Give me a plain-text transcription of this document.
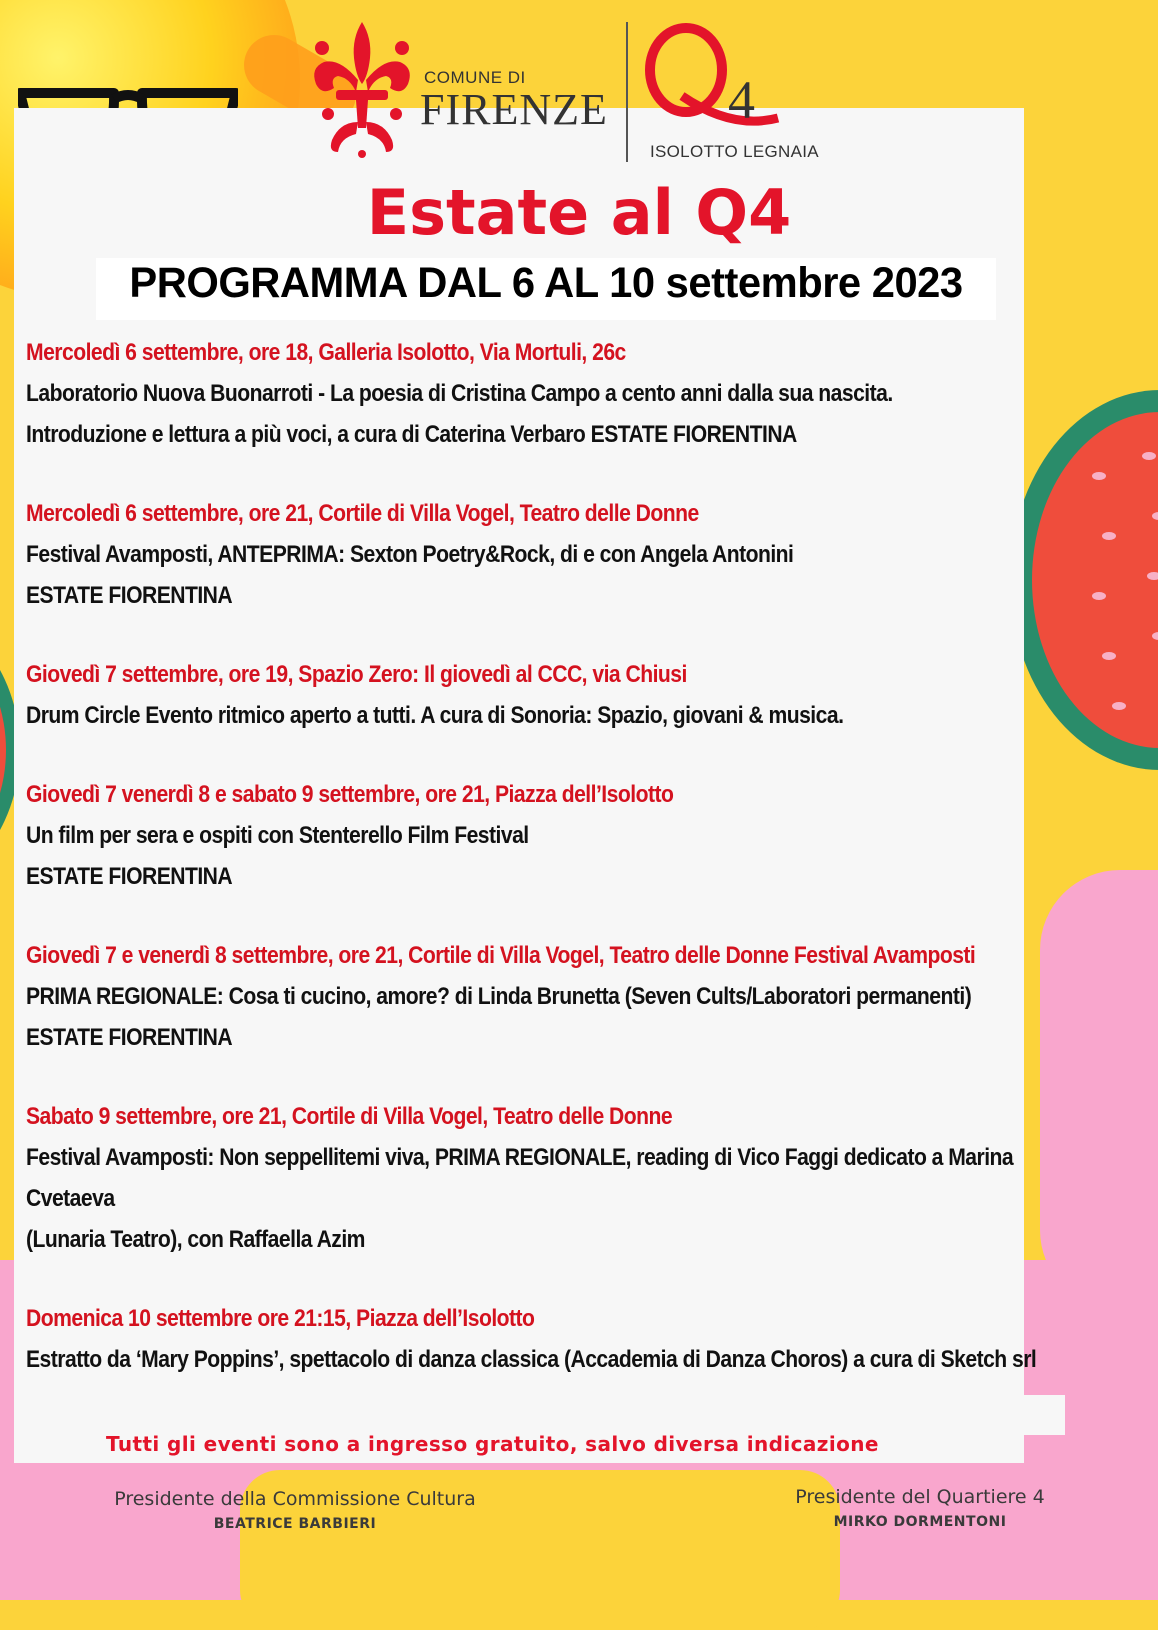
COMUNE DI
FIRENZE 4
ISOLOTTO LEGNAIA
Estate al Q4
PROGRAMMA DAL 6 AL 10 settembre 2023
Mercoledì 6 settembre, ore 18, Galleria Isolotto, Via Mortuli, 26c
Laboratorio Nuova Buonarroti - La poesia di Cristina Campo a cento anni dalla sua nascita.
Introduzione e lettura a più voci, a cura di Caterina Verbaro ESTATE FIORENTINA
Mercoledì 6 settembre, ore 21, Cortile di Villa Vogel, Teatro delle Donne
Festival Avamposti, ANTEPRIMA: Sexton Poetry&Rock, di e con Angela Antonini
ESTATE FIORENTINA
Giovedì 7 settembre, ore 19, Spazio Zero: Il giovedì al CCC, via Chiusi
Drum Circle Evento ritmico aperto a tutti. A cura di Sonoria: Spazio, giovani & musica.
Giovedì 7 venerdì 8 e sabato 9 settembre, ore 21, Piazza dell’Isolotto
Un film per sera e ospiti con Stenterello Film Festival
ESTATE FIORENTINA
Giovedì 7 e venerdì 8 settembre, ore 21, Cortile di Villa Vogel, Teatro delle Donne Festival Avamposti
PRIMA REGIONALE: Cosa ti cucino, amore? di Linda Brunetta (Seven Cults/Laboratori permanenti)
ESTATE FIORENTINA
Sabato 9 settembre, ore 21, Cortile di Villa Vogel, Teatro delle Donne
Festival Avamposti: Non seppellitemi viva, PRIMA REGIONALE, reading di Vico Faggi dedicato a Marina
Cvetaeva
(Lunaria Teatro), con Raffaella Azim
Domenica 10 settembre ore 21:15, Piazza dell’Isolotto
Estratto da ‘Mary Poppins’, spettacolo di danza classica (Accademia di Danza Choros) a cura di Sketch srl
Tutti gli eventi sono a ingresso gratuito, salvo diversa indicazione
Presidente della Commissione Cultura
BEATRICE BARBIERI
Presidente del Quartiere 4
MIRKO DORMENTONI
